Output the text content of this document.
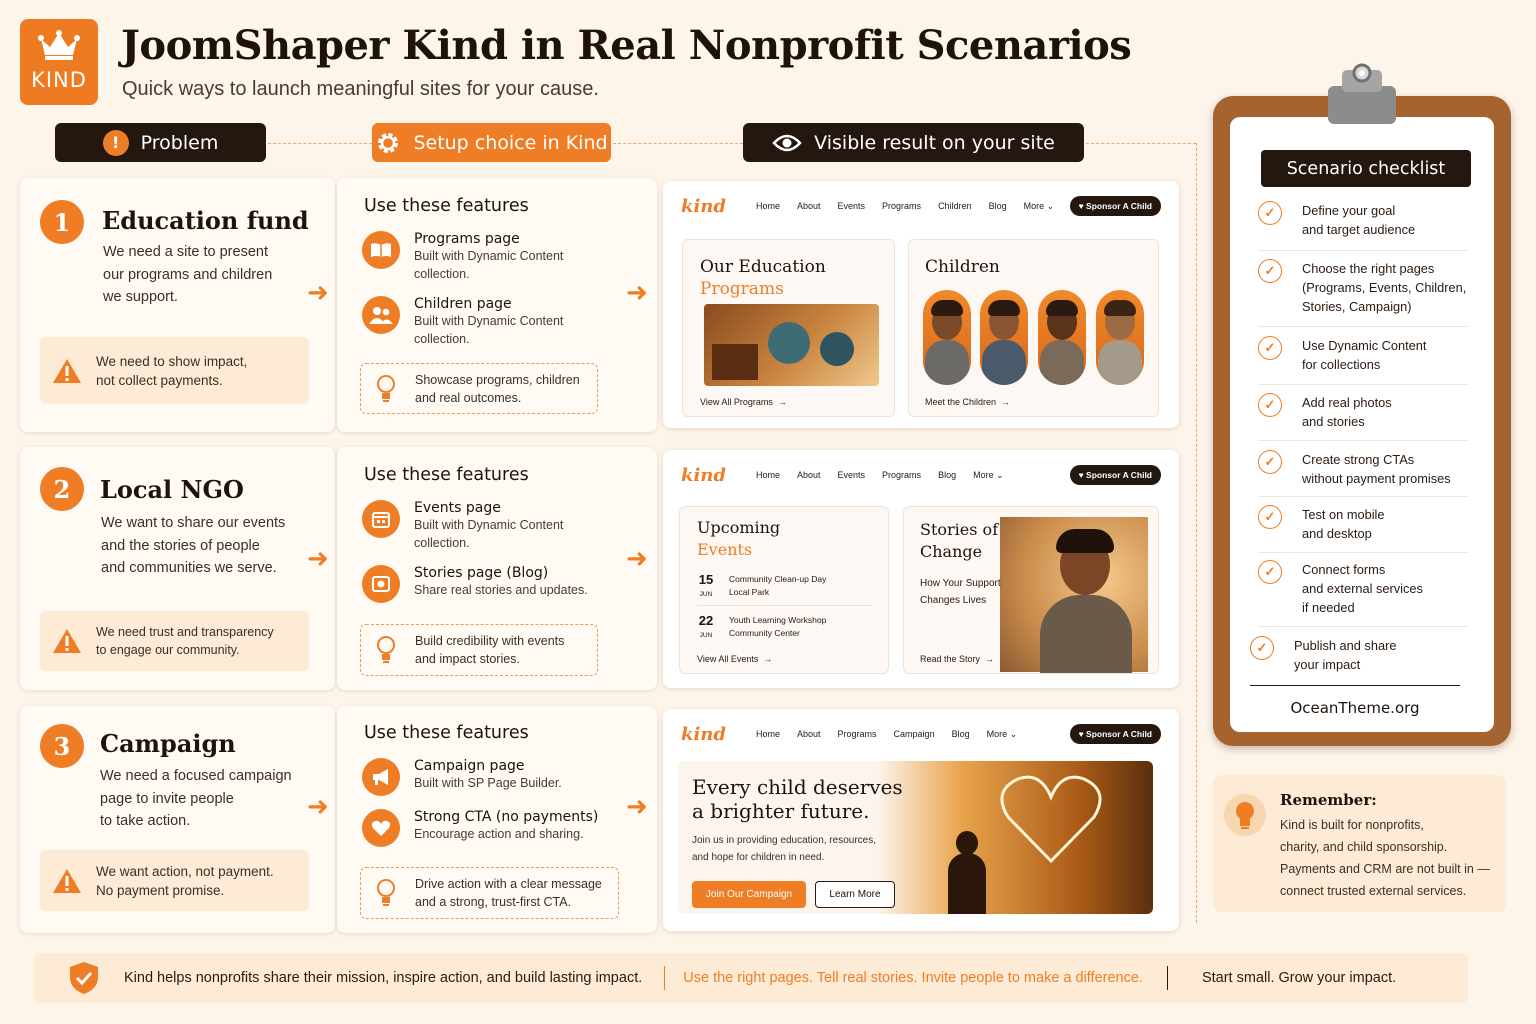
KIND
JoomShaper Kind in Real Nonprofit Scenarios
Quick ways to launch meaningful sites for your cause.
!	Problem	Setup choice in Kind	Visible result on your site
1	Education fund
We need a site to present
our programs and children
we support.	➜
We need to show impact,
not collect payments.
Use these features
Programs page
Built with Dynamic Content
collection.
Children page
Built with Dynamic Content
collection.
Showcase programs, children
and real outcomes.
➜
kind	Home About Events Programs Children Blog More ⌄	♥ Sponsor A Child
Our Education
Programs
View All Programs  →
Children
Meet the Children  →
2	Local NGO
We want to share our events
and the stories of people
and communities we serve.	➜
We need trust and transparency
to engage our community.
Use these features
Events page
Built with Dynamic Content
collection.
Stories page (Blog)
Share real stories and updates.
Build credibility with events
and impact stories.
➜
kind	Home About Events Programs Blog More ⌄	♥ Sponsor A Child
Upcoming
Events
15
JUN
Community Clean-up Day
Local Park
22
JUN
Youth Learning Workshop
Community Center
View All Events  →
Stories of
Change
How Your Support
Changes Lives
Read the Story  →
3	Campaign
We need a focused campaign
page to invite people
to take action.	➜
We want action, not payment.
No payment promise.
Use these features
Campaign page
Built with SP Page Builder.
Strong CTA (no payments)
Encourage action and sharing.
Drive action with a clear message
and a strong, trust-first CTA.
➜
kind	Home About Programs Campaign Blog More ⌄	♥ Sponsor A Child
Every child deserves
a brighter future.
Join us in providing education, resources,
and hope for children in need.
Join Our Campaign	Learn More
Scenario checklist
✓	Define your goal
and target audience
✓	Choose the right pages
(Programs, Events, Children,
Stories, Campaign)
✓	Use Dynamic Content
for collections
✓	Add real photos
and stories
✓	Create strong CTAs
without payment promises
✓	Test on mobile
and desktop
✓	Connect forms
and external services
if needed
✓	Publish and share
your impact
OceanTheme.org
Remember:
Kind is built for nonprofits,
charity, and child sponsorship.
Payments and CRM are not built in —
connect trusted external services.
Kind helps nonprofits share their mission, inspire action, and build lasting impact.	Use the right pages. Tell real stories. Invite people to make a difference.	Start small. Grow your impact.
